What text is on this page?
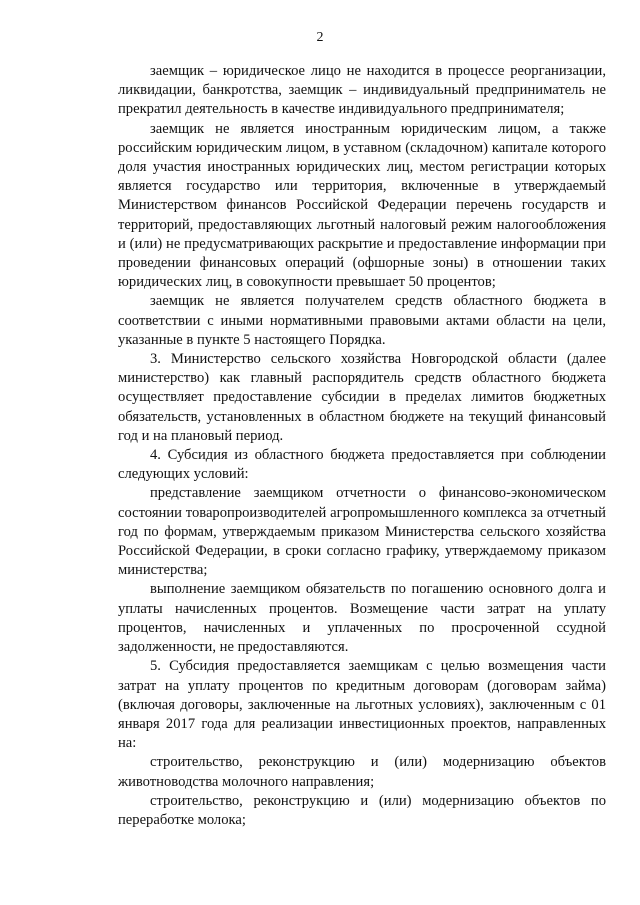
2

заемщик – юридическое лицо не находится в процессе реорганизации, ликвидации, банкротства, заемщик – индивидуальный предприниматель не прекратил деятельность в качестве индивидуального предпринимателя;

заемщик не является иностранным юридическим лицом, а также российским юридическим лицом, в уставном (складочном) капитале которого доля участия иностранных юридических лиц, местом регистрации которых является государство или территория, включенные в утверждаемый Министерством финансов Российской Федерации перечень государств и территорий, предоставляющих льготный налоговый режим налогообложения и (или) не предусматривающих раскрытие и предоставление информации при проведении финансовых операций (офшорные зоны) в отношении таких юридических лиц, в совокупности превышает 50 процентов;

заемщик не является получателем средств областного бюджета в соответствии с иными нормативными правовыми актами области на цели, указанные в пункте 5 настоящего Порядка.

3. Министерство сельского хозяйства Новгородской области (далее министерство) как главный распорядитель средств областного бюджета осуществляет предоставление субсидии в пределах лимитов бюджетных обязательств, установленных в областном бюджете на текущий финансовый год и на плановый период.

4. Субсидия из областного бюджета предоставляется при соблюдении следующих условий:

представление заемщиком отчетности о финансово-экономическом состоянии товаропроизводителей агропромышленного комплекса за отчетный год по формам, утверждаемым приказом Министерства сельского хозяйства Российской Федерации, в сроки согласно графику, утверждаемому приказом министерства;

выполнение заемщиком обязательств по погашению основного долга и уплаты начисленных процентов. Возмещение части затрат на уплату процентов, начисленных и уплаченных по просроченной ссудной задолженности, не предоставляются.

5. Субсидия предоставляется заемщикам с целью возмещения части затрат на уплату процентов по кредитным договорам (договорам займа) (включая договоры, заключенные на льготных условиях), заключенным с 01 января 2017 года для реализации инвестиционных проектов, направленных на:

строительство, реконструкцию и (или) модернизацию объектов животноводства молочного направления;

строительство, реконструкцию и (или) модернизацию объектов по переработке молока;
